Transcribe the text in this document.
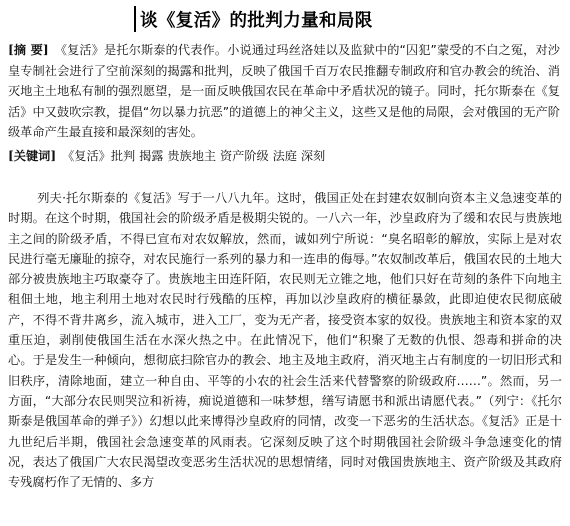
谈《复活》的批判力量和局限
[摘 要] 《复活》是托尔斯泰的代表作。小说通过玛丝洛娃以及监狱中的“囚犯”蒙受的不白之冤，对沙皇专制社会进行了空前深刻的揭露和批判，反映了俄国千百万农民推翻专制政府和官办教会的统治、消灭地主土地私有制的强烈愿望，是一面反映俄国农民在革命中矛盾状况的镜子。同时，托尔斯泰在《复活》中又鼓吹宗教，提倡“勿以暴力抗恶”的道德上的神父主义，这些又是他的局限，会对俄国的无产阶级革命产生最直接和最深刻的害处。
[关键词] 《复活》批判 揭露 贵族地主 资产阶级 法庭 深刻
列夫·托尔斯泰的《复活》写于一八八九年。这时，俄国正处在封建农奴制向资本主义急速变革的时期。在这个时期，俄国社会的阶级矛盾是极期尖锐的。一八六一年，沙皇政府为了缓和农民与贵族地主之间的阶级矛盾，不得已宣布对农奴解放，然而，诚如列宁所说：“臭名昭彰的解放，实际上是对农民进行毫无廉耻的掠夺，对农民施行一系列的暴力和一连串的侮辱。”农奴制改革后，俄国农民的土地大部分被贵族地主巧取豪夺了。贵族地主田连阡陌，农民则无立锥之地，他们只好在苛刻的条件下向地主租佃土地，地主利用土地对农民时行残酷的压榨，再加以沙皇政府的横征暴敛，此即迫使农民彻底破产，不得不背井离乡，流入城市，进入工厂，变为无产者，接受资本家的奴役。贵族地主和资本家的双重压迫，剥削使俄国生活在水深火热之中。在此情况下，他们“积聚了无数的仇恨、怨毒和拼命的决心。于是发生一种倾向，想彻底扫除官办的教会、地主及地主政府，消灭地主占有制度的一切旧形式和旧秩序，清除地面，建立一种自由、平等的小农的社会生活来代替警察的阶级政府……”。然而，另一方面，“大部分农民则哭泣和祈祷，痴说道德和一味梦想，缮写请愿书和派出请愿代表。”（列宁：《托尔斯泰是俄国革命的弹子》）幻想以此来博得沙皇政府的同情，改变一下恶劣的生活状态。《复活》正是十九世纪后半期，俄国社会急速变革的风雨表。它深刻反映了这个时期俄国社会阶级斗争急速变化的情况，表达了俄国广大农民渴望改变恶劣生活状况的思想情绪，同时对俄国贵族地主、资产阶级及其政府专残腐朽作了无情的、多方
